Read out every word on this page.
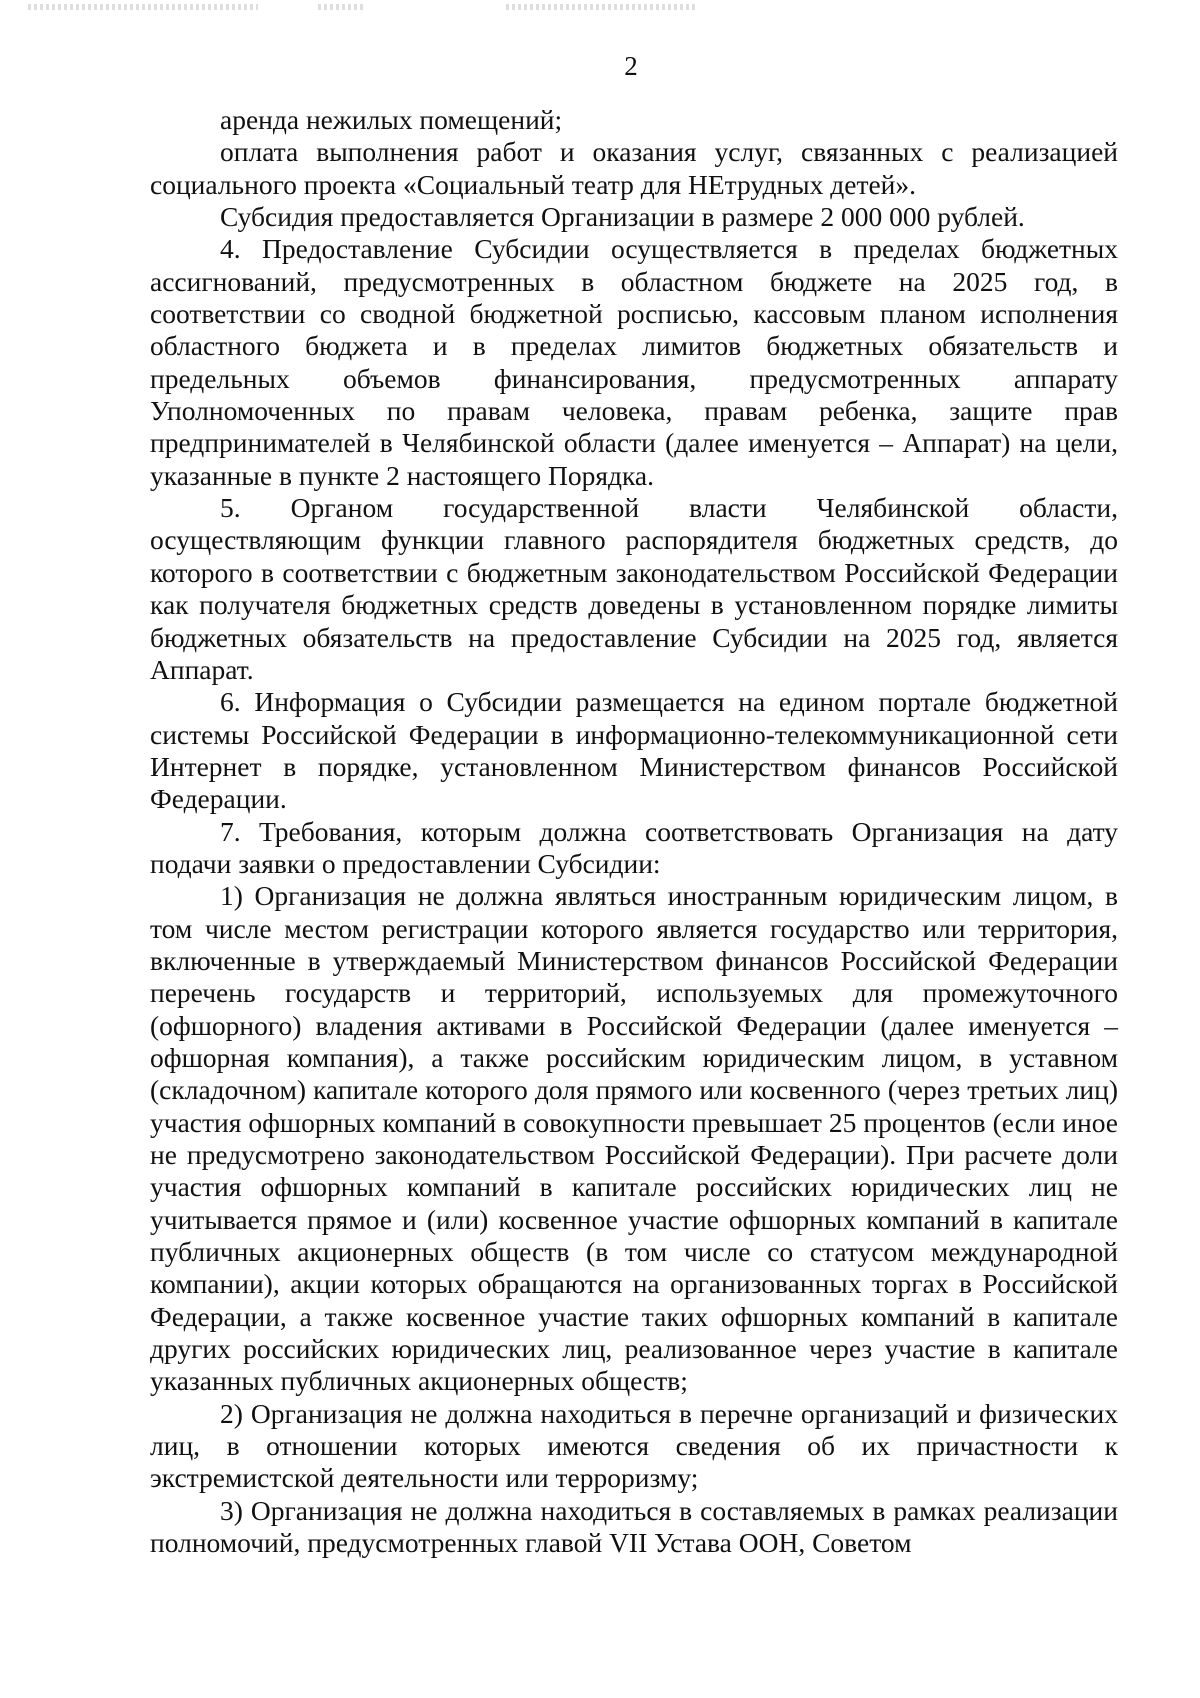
2

аренда нежилых помещений;

оплата выполнения работ и оказания услуг, связанных с реализацией социального проекта «Социальный театр для НЕтрудных детей».

Субсидия предоставляется Организации в размере 2 000 000 рублей.

4. Предоставление Субсидии осуществляется в пределах бюджетных ассигнований, предусмотренных в областном бюджете на 2025 год, в соответствии со сводной бюджетной росписью, кассовым планом исполнения областного бюджета и в пределах лимитов бюджетных обязательств и предельных объемов финансирования, предусмотренных аппарату Уполномоченных по правам человека, правам ребенка, защите прав предпринимателей в Челябинской области (далее именуется – Аппарат) на цели, указанные в пункте 2 настоящего Порядка.

5. Органом государственной власти Челябинской области, осуществляющим функции главного распорядителя бюджетных средств, до которого в соответствии с бюджетным законодательством Российской Федерации как получателя бюджетных средств доведены в установленном порядке лимиты бюджетных обязательств на предоставление Субсидии на 2025 год, является Аппарат.

6. Информация о Субсидии размещается на едином портале бюджетной системы Российской Федерации в информационно-телекоммуникационной сети Интернет в порядке, установленном Министерством финансов Российской Федерации.

7. Требования, которым должна соответствовать Организация на дату подачи заявки о предоставлении Субсидии:

1) Организация не должна являться иностранным юридическим лицом, в том числе местом регистрации которого является государство или территория, включенные в утверждаемый Министерством финансов Российской Федерации перечень государств и территорий, используемых для промежуточного (офшорного) владения активами в Российской Федерации (далее именуется – офшорная компания), а также российским юридическим лицом, в уставном (складочном) капитале которого доля прямого или косвенного (через третьих лиц) участия офшорных компаний в совокупности превышает 25 процентов (если иное не предусмотрено законодательством Российской Федерации). При расчете доли участия офшорных компаний в капитале российских юридических лиц не учитывается прямое и (или) косвенное участие офшорных компаний в капитале публичных акционерных обществ (в том числе со статусом международной компании), акции которых обращаются на организованных торгах в Российской Федерации, а также косвенное участие таких офшорных компаний в капитале других российских юридических лиц, реализованное через участие в капитале указанных публичных акционерных обществ;

2) Организация не должна находиться в перечне организаций и физических лиц, в отношении которых имеются сведения об их причастности к экстремистской деятельности или терроризму;

3) Организация не должна находиться в составляемых в рамках реализации полномочий, предусмотренных главой VII Устава ООН, Советом
